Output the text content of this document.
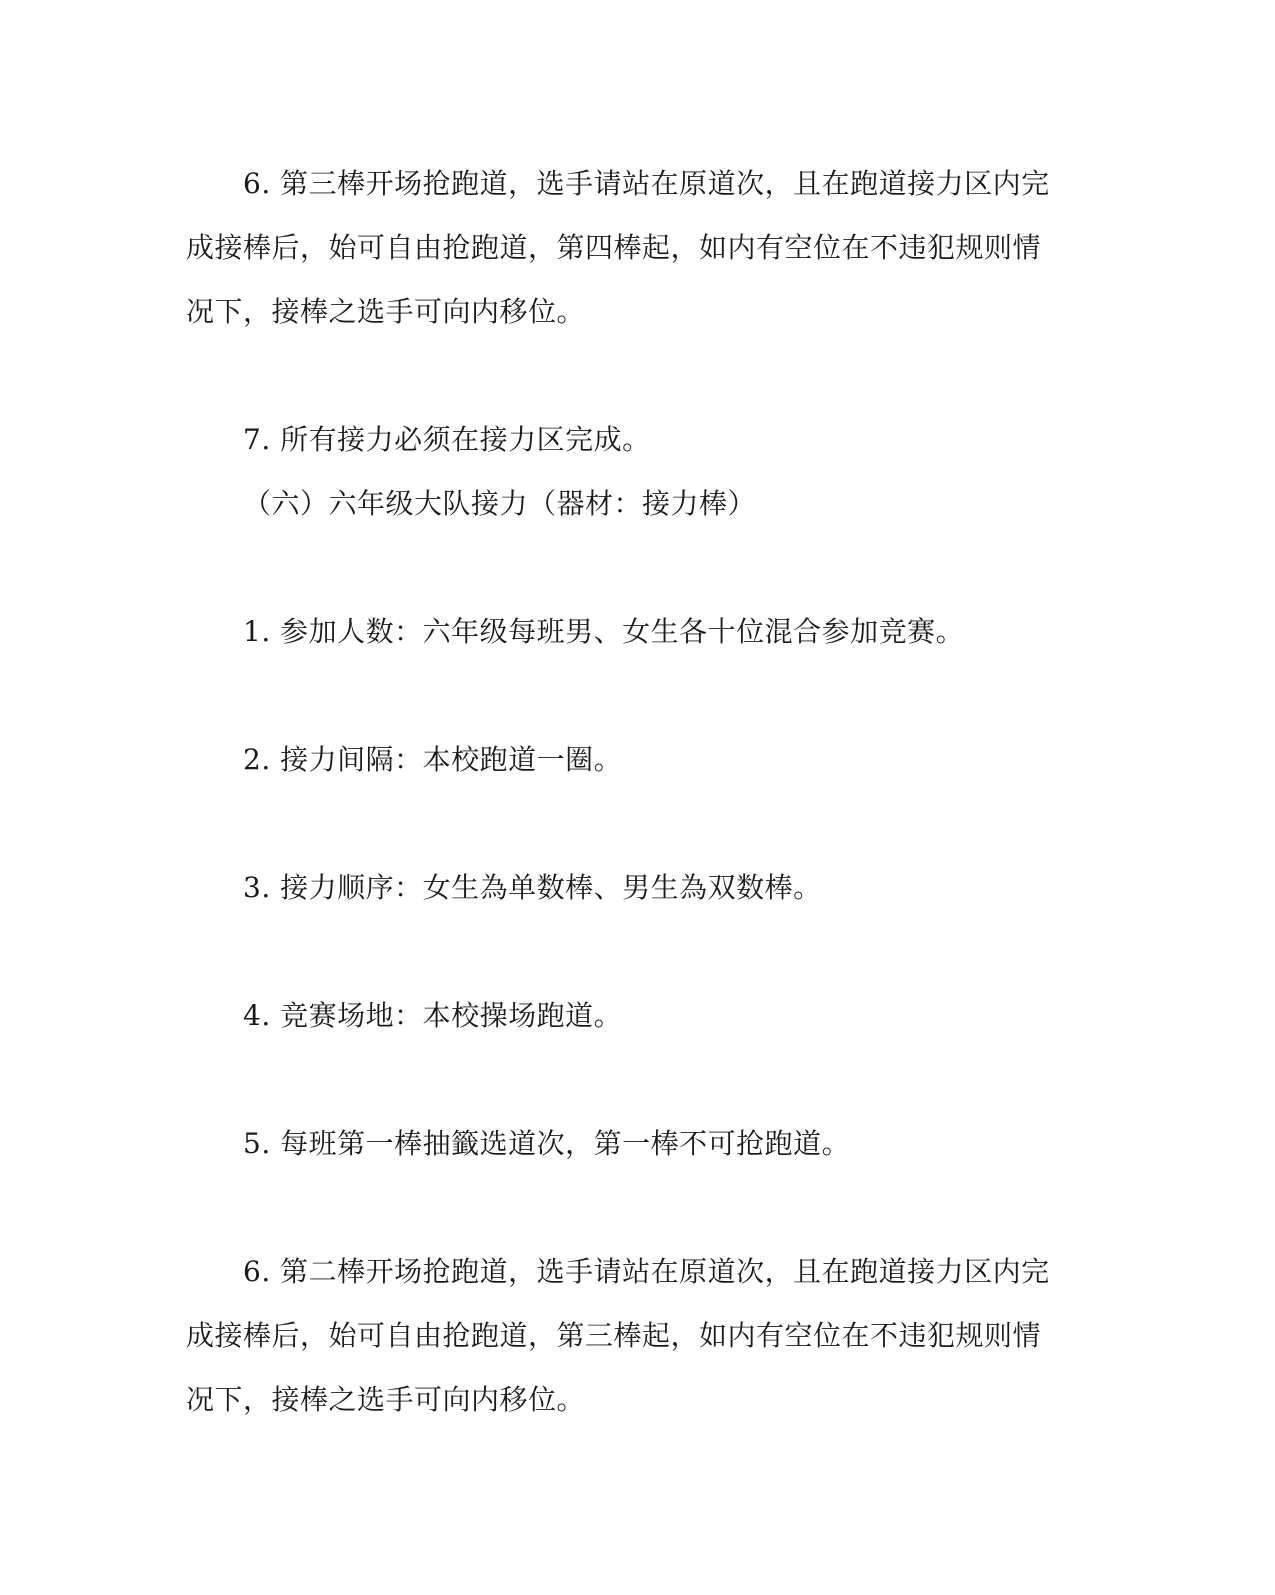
6. 第三棒开场抢跑道，选手请站在原道次，且在跑道接力区内完
成接棒后，始可自由抢跑道，第四棒起，如内有空位在不违犯规则情
况下，接棒之选手可向内移位。
7. 所有接力必须在接力区完成。
（六）六年级大队接力（器材：接力棒）
1. 参加人数：六年级每班男、女生各十位混合参加竞赛。
2. 接力间隔：本校跑道一圈。
3. 接力顺序：女生為单数棒、男生為双数棒。
4. 竞赛场地：本校操场跑道。
5. 每班第一棒抽籤选道次，第一棒不可抢跑道。
6. 第二棒开场抢跑道，选手请站在原道次，且在跑道接力区内完
成接棒后，始可自由抢跑道，第三棒起，如内有空位在不违犯规则情
况下，接棒之选手可向内移位。
